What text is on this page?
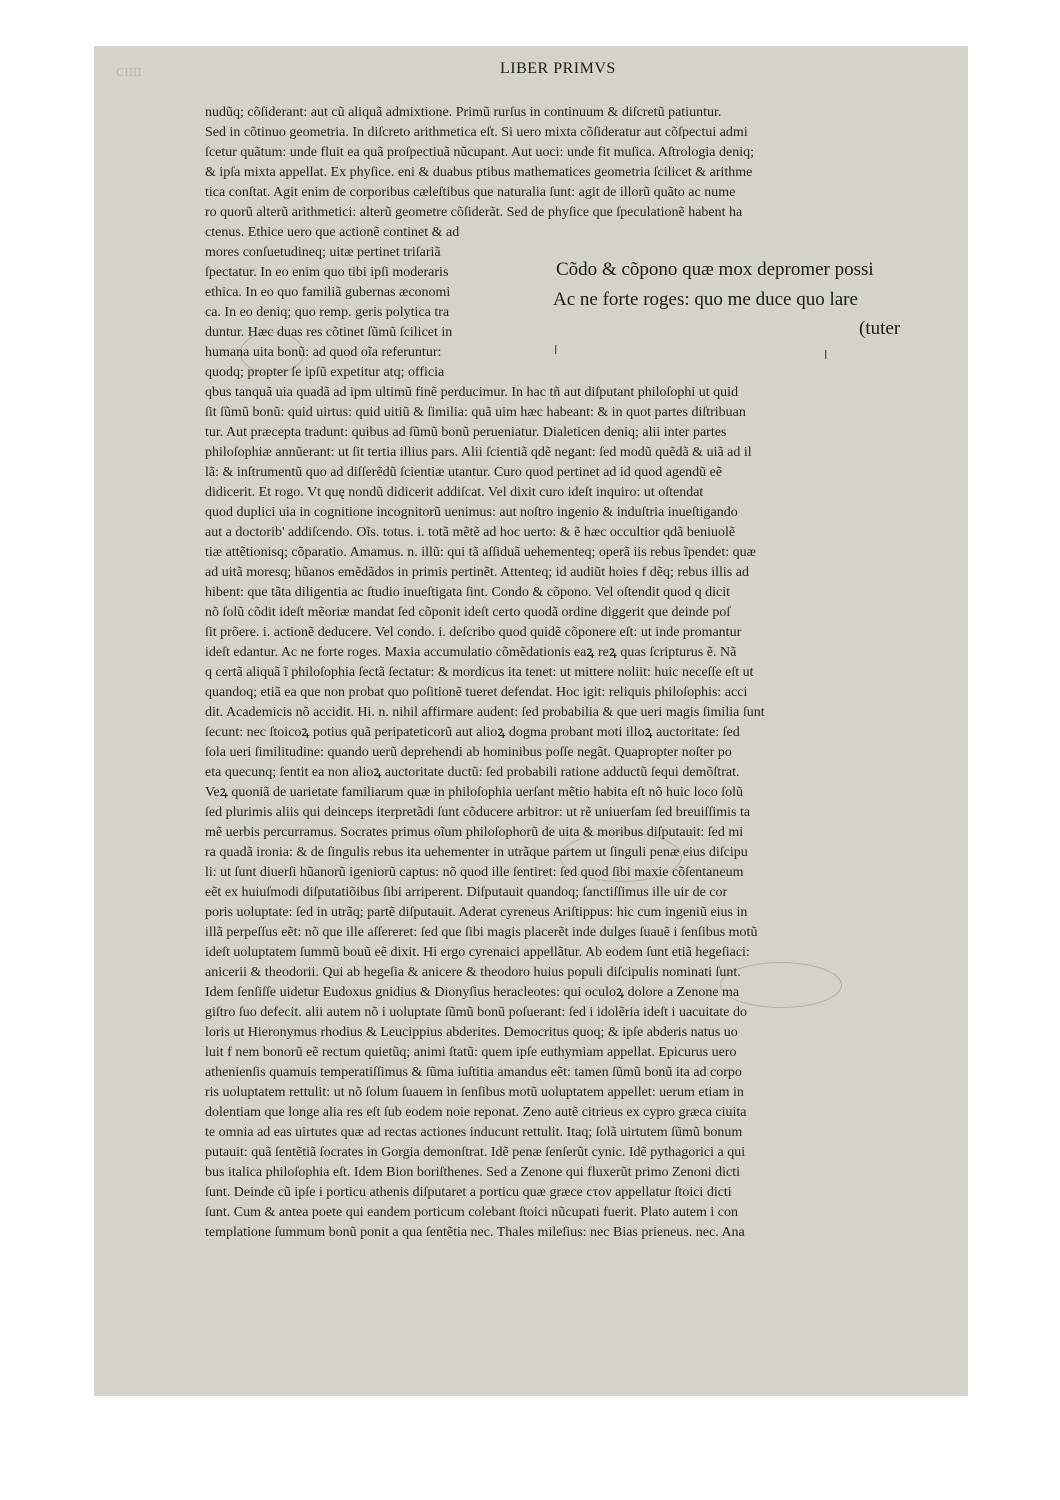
CIIII	LIBER PRIMVS
Cõdo & cõpono quæ mox depromer possi
Ac ne forte roges: quo me duce quo lare
(tuter
ǀ	ǀ
nudũq; cõſiderant: aut cũ aliquã admixtione. Primũ rurſus in continuum & diſcretũ patiuntur.
Sed in cõtinuo geometria. In diſcreto arithmetica eſt. Si uero mixta cõſideratur aut cõſpectui admi
ſcetur quãtum: unde fluit ea quã proſpectiuã nũcupant. Aut uoci: unde fit muſica. Aſtrologia deniq;
& ipſa mixta appellat. Ex phyſice. eni & duabus ptibus mathematices geometria ſcilicet & arithme
tica conſtat. Agit enim de corporibus cæleſtibus que naturalia ſunt: agit de illorũ quãto ac nume
ro quorũ alterũ arithmetici: alterũ geometre cõſiderãt. Sed de phyſice que ſpeculationẽ habent ha
ctenus. Ethice uero que actionẽ continet & ad
mores conſuetudineq; uitæ pertinet triſariã
ſpectatur. In eo enim quo tibi ipſi moderaris
ethica. In eo quo familiã gubernas æconomi
ca. In eo deniq; quo remp. geris polytica tra
duntur. Hæc duas res cõtinet ſũmũ ſcilicet in
humana uita bonũ: ad quod oĩa referuntur:
quodq; propter ſe ipſũ expetitur atq; officia
qbus tanquã uia quadã ad ipm ultimũ finẽ perducimur. In hac tñ aut diſputant philoſophi ut quid
ſit ſũmũ bonũ: quid uirtus: quid uitiũ & ſimilia: quã uim hæc habeant: & in quot partes diſtribuan
tur. Aut præcepta tradunt: quibus ad ſũmũ bonũ perueniatur. Dialeticen deniq; alii inter partes
philoſophiæ annũerant: ut ſit tertia illius pars. Alii ſcientiã qdẽ negant: ſed modũ quẽdã & uiã ad il
lã: & inſtrumentũ quo ad diſſerẽdũ ſcientiæ utantur. Curo quod pertinet ad id quod agendũ eẽ
didicerit. Et rogo. Vt quę nondũ didicerit addiſcat. Vel dixit curo ideſt inquiro: ut oſtendat
quod duplici uia in cognitione incognitorũ uenimus: aut noſtro ingenio & induſtria inueſtigando
aut a doctorib' addiſcendo. Oĩs. totus. i. totã mẽtẽ ad hoc uerto: & ẽ hæc occultior qdã beniuolẽ
tiæ attẽtionisq; cõparatio. Amamus. n. illũ: qui tã aſſiduã uehementeq; operã iis rebus ĩpendet: quæ
ad uitã moresq; hũanos emẽdãdos in primis pertinẽt. Attenteq; id audiũt hoies f dẽq; rebus illis ad
hibent: que tãta diligentia ac ſtudio inueſtigata ſint. Condo & cõpono. Vel oſtendit quod q dicit
nõ ſolũ cõdit ideſt mẽoriæ mandat ſed cõponit ideſt certo quodã ordine diggerit que deinde poſ
ſit prõere. i. actionẽ deducere. Vel condo. i. deſcribo quod quidẽ cõponere eſt: ut inde promantur
ideſt edantur. Ac ne forte roges. Maxia accumulatio cõmẽdationis eaꝝ reꝝ quas ſcripturus ẽ. Nã
q certã aliquã ĩ philoſophia ſectã ſectatur: & mordicus ita tenet: ut mittere noliit: huic neceſſe eſt ut
quandoq; etiã ea que non probat quo poſitionẽ tueret defendat. Hoc igit: reliquis philoſophis: acci
dit. Academicis nõ accidit. Hi. n. nihil affirmare audent: ſed probabilia & que ueri magis ſimilia ſunt
ſecunt: nec ſtoicoꝝ potius quã peripateticorũ aut alioꝝ dogma probant moti illoꝝ auctoritate: ſed
ſola ueri ſimilitudine: quando uerũ deprehendi ab hominibus poſſe negãt. Quapropter noſter po
eta quecunq; ſentit ea non alioꝝ auctoritate ductũ: ſed probabili ratione adductũ ſequi demõſtrat.
Veꝝ quoniã de uarietate familiarum quæ in philoſophia uerſant mẽtio habita eſt nõ huic loco ſolũ
ſed plurimis aliis qui deinceps iterpretãdi ſunt cõducere arbitror: ut rẽ uniuerſam ſed breuiſſimis ta
mẽ uerbis percurramus. Socrates primus oĩum philoſophorũ de uita & moribus diſputauit: ſed mi
ra quadã ironia: & de ſingulis rebus ita uehementer in utrãque partem ut ſinguli penæ eius diſcipu
li: ut ſunt diuerſi hũanorũ igeniorũ captus: nõ quod ille ſentiret: ſed quod ſibi maxie cõſentaneum
eẽt ex huiuſmodi diſputatiõibus ſibi arriperent. Diſputauit quandoq; ſanctiſſimus ille uir de cor
poris uoluptate: ſed in utrãq; partẽ diſputauit. Aderat cyreneus Ariſtippus: hic cum ingeniũ eius in
illã perpeſſus eẽt: nõ que ille aſſereret: ſed que ſibi magis placerẽt inde dulges ſuauẽ i ſenſibus motũ
ideſt uoluptatem ſummũ bouũ eẽ dixit. Hi ergo cyrenaici appellãtur. Ab eodem ſunt etiã hegeſiaci:
anicerii & theodorii. Qui ab hegeſia & anicere & theodoro huius populi diſcipulis nominati ſunt.
Idem ſenſiſſe uidetur Eudoxus gnidius & Dionyſius heracleotes: qui oculoꝝ dolore a Zenone ma
giſtro ſuo defecit. alii autem nõ i uoluptate ſũmũ bonũ poſuerant: ſed i idolẽria ideſt i uacuitate do
loris ut Hieronymus rhodius & Leucippius abderites. Democritus quoq; & ipſe abderis natus uo
luit f nem bonorũ eẽ rectum quietũq; animi ſtatũ: quem ipſe euthymiam appellat. Epicurus uero
athenienſis quamuis temperatiſſimus & ſũma iuſtitia amandus eẽt: tamen ſũmũ bonũ ita ad corpo
ris uoluptatem rettulit: ut nõ ſolum ſuauem in ſenſibus motũ uoluptatem appellet: uerum etiam in
dolentiam que longe alia res eſt ſub eodem noie reponat. Zeno autẽ citrieus ex cypro græca ciuita
te omnia ad eas uirtutes quæ ad rectas actiones inducunt rettulit. Itaq; ſolã uirtutem ſũmũ bonum
putauit: quã ſentẽtiã ſocrates in Gorgia demonſtrat. Idẽ penæ ſenſerũt cynic. Idẽ pythagorici a qui
bus italica philoſophia eſt. Idem Bion boriſthenes. Sed a Zenone qui fluxerũt primo Zenoni dicti
ſunt. Deinde cũ ipſe i porticu athenis diſputaret a porticu quæ græce ϲτον appellatur ſtoici dicti
ſunt. Cum & antea poete qui eandem porticum colebant ſtoici nũcupati fuerit. Plato autem i con
templatione ſummum bonũ ponit a qua ſentẽtia nec. Thales mileſius: nec Bias prieneus. nec. Ana
